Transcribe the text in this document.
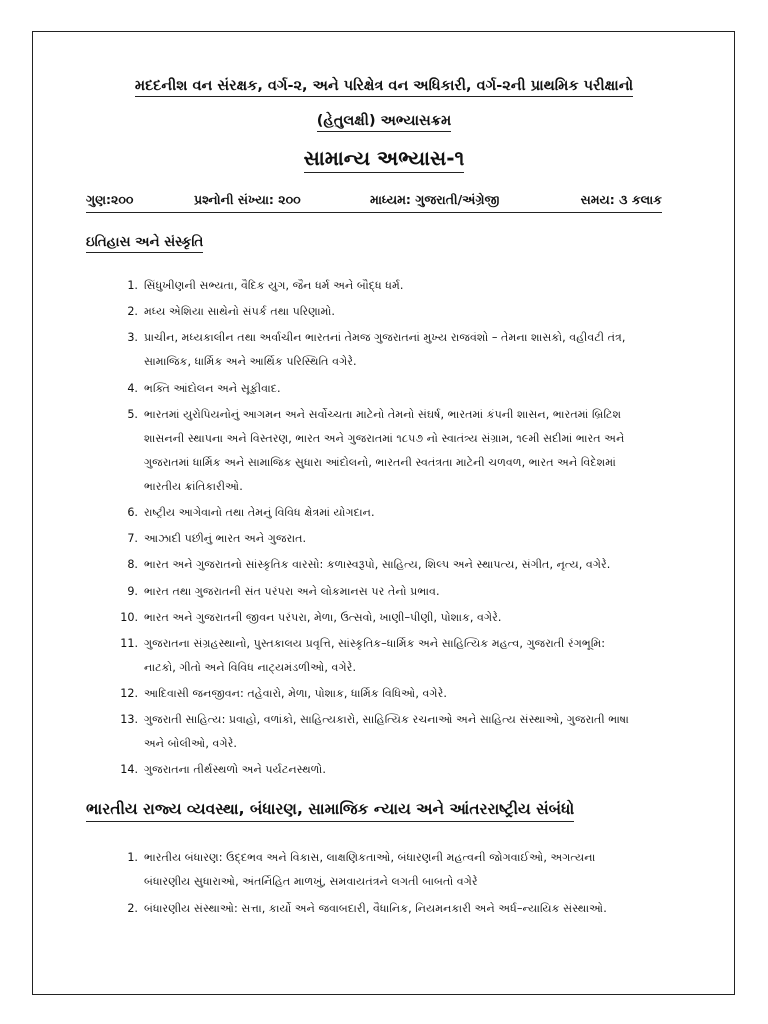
મદદનીશ વન સંરક્ષક, વર્ગ-૨, અને પરિક્ષેત્ર વન અધિકારી, વર્ગ-૨ની પ્રાથમિક પરીક્ષાનો
(હેતુલક્ષી) અભ્યાસક્રમ
સામાન્ય અભ્યાસ-૧
ગુણ:૨૦૦	પ્રશ્નોની સંખ્યા: ૨૦૦	માધ્યમ: ગુજરાતી/અંગ્રેજી	સમય: ૩ કલાક
ઇતિહાસ અને સંસ્કૃતિ
1. સિંધુખીણની સભ્યતા, વૈદિક યુગ, જૈન ધર્મ અને બૌદ્ધ ધર્મ.
2. મધ્ય એશિયા સાથેનો સંપર્ક તથા પરિણામો.
3. પ્રાચીન, મધ્યકાલીન તથા અર્વાચીન ભારતનાં તેમજ ગુજરાતનાં મુખ્ય રાજવંશો – તેમના શાસકો, વહીવટી તંત્ર,
સામાજિક, ધાર્મિક અને આર્થિક પરિસ્થિતિ વગેરે.
4. ભક્તિ આંદોલન અને સૂફીવાદ.
5. ભારતમાં યુરોપિયનોનું આગમન અને સર્વોચ્ચતા માટેનો તેમનો સંઘર્ષ, ભારતમાં કંપની શાસન, ભારતમાં બ્રિટિશ
શાસનની સ્થાપના અને વિસ્તરણ, ભારત અને ગુજરાતમાં ૧૮૫૭ નો સ્વાતંત્ર્ય સંગ્રામ, ૧૯મી સદીમાં ભારત અને
ગુજરાતમાં ધાર્મિક અને સામાજિક સુધારા આંદોલનો, ભારતની સ્વતંત્રતા માટેની ચળવળ, ભારત અને વિદેશમાં
ભારતીય ક્રાંતિકારીઓ.
6. રાષ્ટ્રીય આગેવાનો તથા તેમનું વિવિધ ક્ષેત્રમાં યોગદાન.
7. આઝાદી પછીનું ભારત અને ગુજરાત.
8. ભારત અને ગુજરાતનો સાંસ્કૃતિક વારસો: કળાસ્વરૂપો, સાહિત્ય, શિલ્પ અને સ્થાપત્ય, સંગીત, નૃત્ય, વગેરે.
9. ભારત તથા ગુજરાતની સંત પરંપરા અને લોકમાનસ પર તેનો પ્રભાવ.
10. ભારત અને ગુજરાતની જીવન પરંપરા, મેળા, ઉત્સવો, ખાણી–પીણી, પોશાક, વગેરે.
11. ગુજરાતના સંગ્રહસ્થાનો, પુસ્તકાલય પ્રવૃત્તિ, સાંસ્કૃતિક–ધાર્મિક અને સાહિત્યિક મહત્વ, ગુજરાતી રંગભૂમિ:
નાટકો, ગીતો અને વિવિધ નાટ્યમંડળીઓ, વગેરે.
12. આદિવાસી જનજીવન: તહેવારો, મેળા, પોશાક, ધાર્મિક વિધિઓ, વગેરે.
13. ગુજરાતી સાહિત્ય: પ્રવાહો, વળાંકો, સાહિત્યકારો, સાહિત્યિક રચનાઓ અને સાહિત્ય સંસ્થાઓ, ગુજરાતી ભાષા
અને બોલીઓ, વગેરે.
14. ગુજરાતના તીર્થસ્થળો અને પર્યટનસ્થળો.
ભારતીય રાજ્ય વ્યવસ્થા, બંધારણ, સામાજિક ન્યાય અને આંતરરાષ્ટ્રીય સંબંધો
1. ભારતીય બંધારણ: ઉદ્દભવ અને વિકાસ, લાક્ષણિકતાઓ, બંધારણની મહત્વની જોગવાઈઓ, અગત્યના
બંધારણીય સુધારાઓ, અંતર્નિહિત માળખું, સમવાયતંત્રને લગતી બાબતો વગેરે
2. બંધારણીય સંસ્થાઓ: સત્તા, કાર્યો અને જવાબદારી, વૈધાનિક, નિયમનકારી અને અર્ધ–ન્યાયિક સંસ્થાઓ.
